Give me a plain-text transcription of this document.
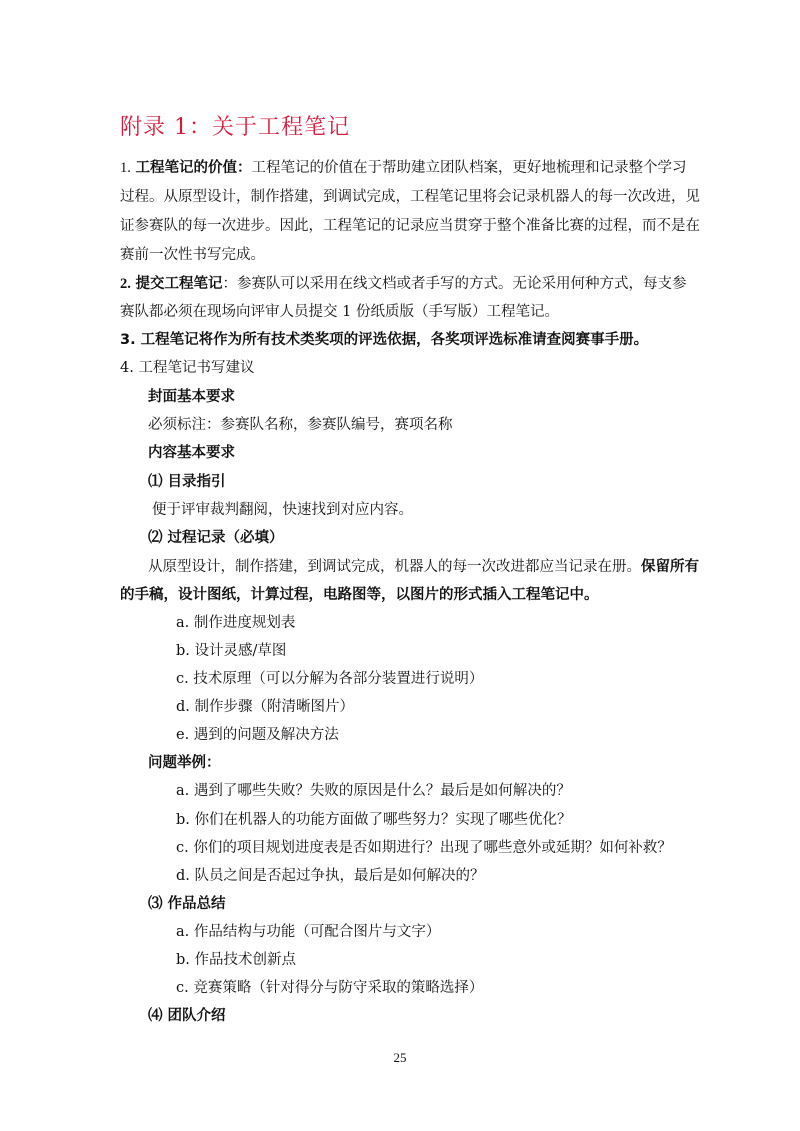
附录 1：关于工程笔记
1. 工程笔记的价值：工程笔记的价值在于帮助建立团队档案，更好地梳理和记录整个学习
过程。从原型设计，制作搭建，到调试完成，工程笔记里将会记录机器人的每一次改进，见
证参赛队的每一次进步。因此，工程笔记的记录应当贯穿于整个准备比赛的过程，而不是在
赛前一次性书写完成。
2. 提交工程笔记：参赛队可以采用在线文档或者手写的方式。无论采用何种方式，每支参
赛队都必须在现场向评审人员提交 1 份纸质版（手写版）工程笔记。
3. 工程笔记将作为所有技术类奖项的评选依据，各奖项评选标准请查阅赛事手册。
4. 工程笔记书写建议
封面基本要求
必须标注：参赛队名称，参赛队编号，赛项名称
内容基本要求
⑴ 目录指引
便于评审裁判翻阅，快速找到对应内容。
⑵ 过程记录（必填）
从原型设计，制作搭建，到调试完成，机器人的每一次改进都应当记录在册。保留所有
的手稿，设计图纸，计算过程，电路图等，以图片的形式插入工程笔记中。
a. 制作进度规划表
b. 设计灵感/草图
c. 技术原理（可以分解为各部分装置进行说明）
d. 制作步骤（附清晰图片）
e. 遇到的问题及解决方法
问题举例：
a. 遇到了哪些失败？失败的原因是什么？最后是如何解决的？
b. 你们在机器人的功能方面做了哪些努力？实现了哪些优化？
c. 你们的项目规划进度表是否如期进行？出现了哪些意外或延期？如何补救？
d. 队员之间是否起过争执，最后是如何解决的？
⑶ 作品总结
a. 作品结构与功能（可配合图片与文字）
b. 作品技术创新点
c. 竞赛策略（针对得分与防守采取的策略选择）
⑷ 团队介绍
25
